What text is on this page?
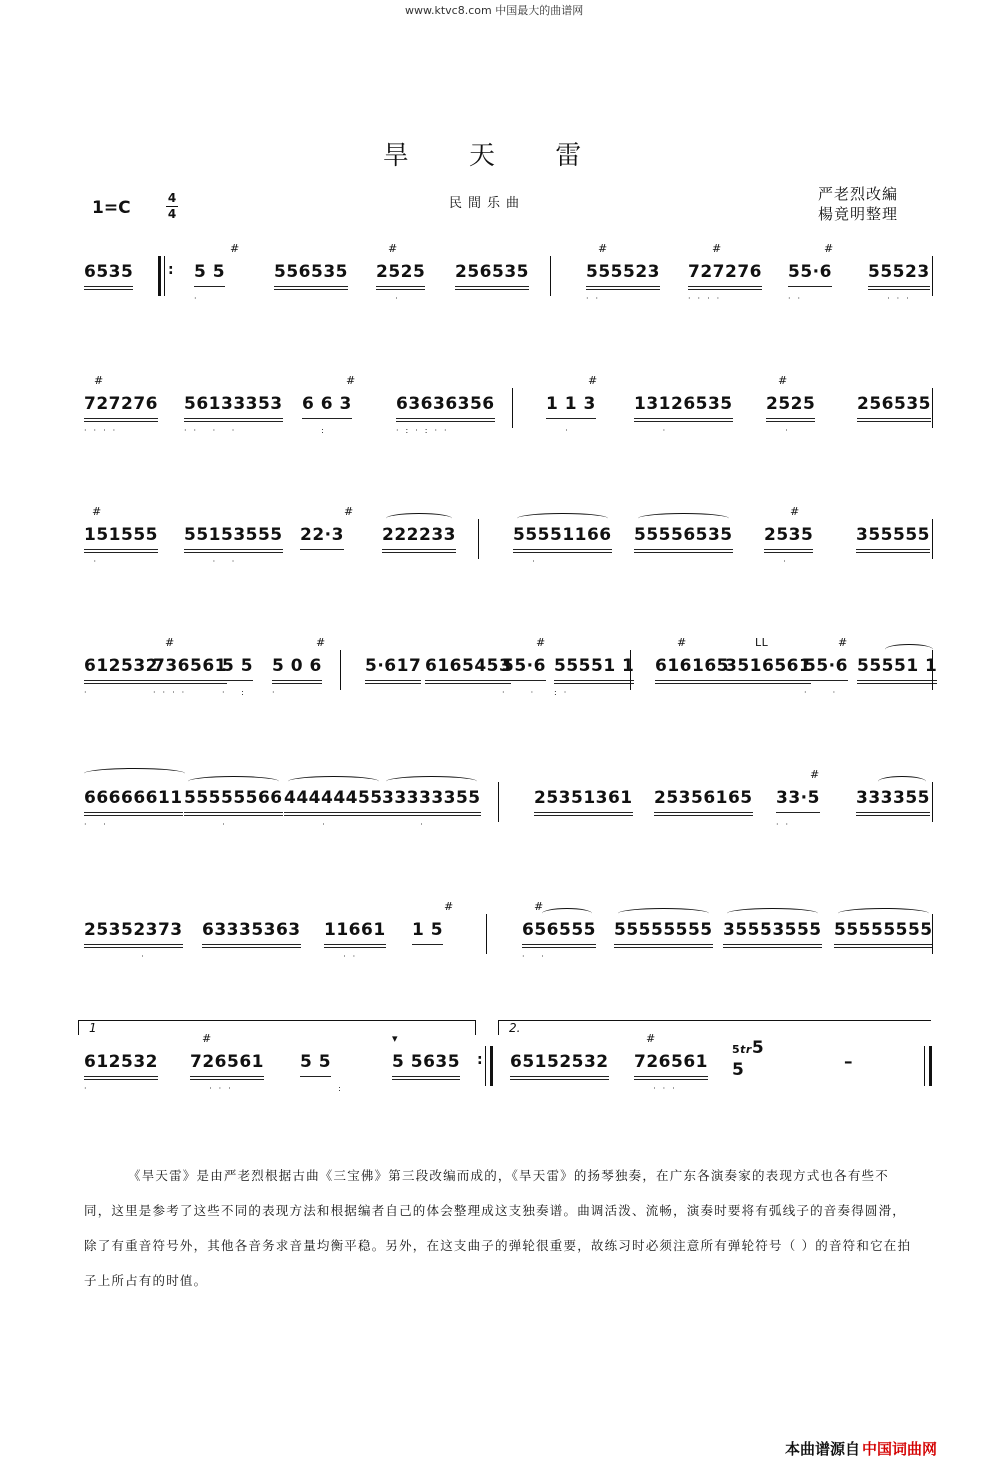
www.ktvc8.com 中国最大的曲谱网
旱 天 雷
1=C	4
4
民間乐曲
严老烈改編
楊竟明整理
6535 :
#
5 5
·
556535
#
2525
·
256535
#
555523
··
#
727276
····
#
55·6
··
55523
···
#
727276
····
56133353
·· · ·
#
6 6 3
:
63636356
·:·:··
#
1 1 3
·
13126535
·
#
2525
·
256535
#
151555
·
55153555
· ·
#
22·3 222233	55551166
·
55556535
#
2535
·
355555
612532
·
#
736561
····
5 5
· :
#
5 0 6
·
5·617 6165453
#
55·6
·  ·
55551 1
:·
#
616165
LL
3516561
#
55·6
·  ·
55551 1
66666611
· ·
55555566
·
44444455
·
33333355
·
25351361 25356165
#
33·5
··
333355
25352373
·
63335363 11661
··
#
1 5
#
656555
· ·
55555555 35553555 55555555
1
612532
·
#
726561
···
5 5
:
▾
5 5635 :
2.
65152532
#
726561
···
5tr5
5	–
《旱天雷》是由严老烈根据古曲《三宝佛》第三段改编而成的，《旱天雷》的扬琴独奏，在广东各演奏家的表现方式也各有些不同，这里是参考了这些不同的表现方法和根据编者自己的体会整理成这支独奏谱。曲调活泼、流畅，演奏时要将有弧线子的音奏得圆滑，除了有重音符号外，其他各音务求音量均衡平稳。另外，在这支曲子的弹轮很重要，故练习时必须注意所有弹轮符号（ ）的音符和它在拍子上所占有的时值。
本曲谱源自 中国词曲网
